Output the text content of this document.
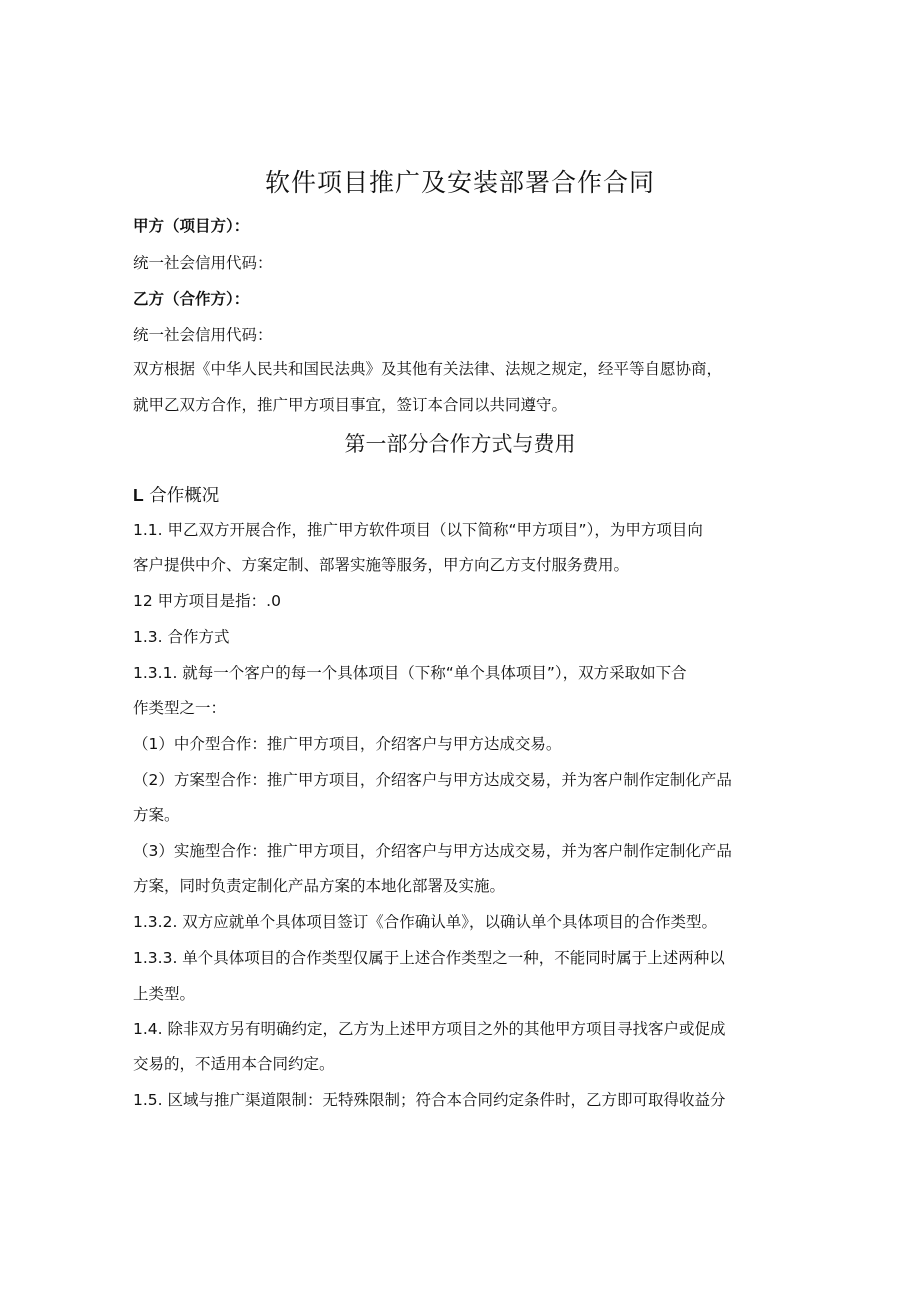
软件项目推广及安装部署合作合同
甲方（项目方）：
统一社会信用代码：
乙方（合作方）：
统一社会信用代码：
双方根据《中华人民共和国民法典》及其他有关法律、法规之规定，经平等自愿协商，
就甲乙双方合作，推广甲方项目事宜，签订本合同以共同遵守。
第一部分合作方式与费用
L 合作概况
1.1. 甲乙双方开展合作，推广甲方软件项目（以下简称“甲方项目”），为甲方项目向
客户提供中介、方案定制、部署实施等服务，甲方向乙方支付服务费用。
12 甲方项目是指：.0
1.3. 合作方式
1.3.1. 就每一个客户的每一个具体项目（下称“单个具体项目”），双方采取如下合
作类型之一：
（1）中介型合作：推广甲方项目，介绍客户与甲方达成交易。
（2）方案型合作：推广甲方项目，介绍客户与甲方达成交易，并为客户制作定制化产品
方案。
（3）实施型合作：推广甲方项目，介绍客户与甲方达成交易，并为客户制作定制化产品
方案，同时负责定制化产品方案的本地化部署及实施。
1.3.2. 双方应就单个具体项目签订《合作确认单》，以确认单个具体项目的合作类型。
1.3.3. 单个具体项目的合作类型仅属于上述合作类型之一种，不能同时属于上述两种以
上类型。
1.4. 除非双方另有明确约定，乙方为上述甲方项目之外的其他甲方项目寻找客户或促成
交易的，不适用本合同约定。
1.5. 区域与推广渠道限制：无特殊限制；符合本合同约定条件时，乙方即可取得收益分
